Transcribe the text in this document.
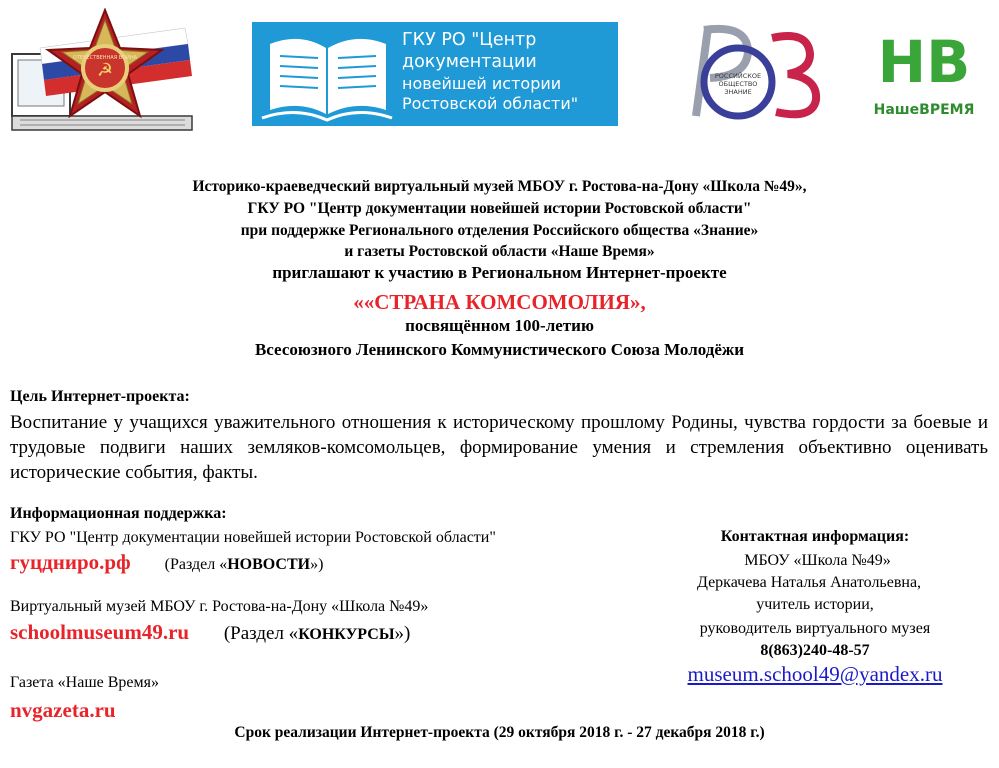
ОТЕЧЕСТВЕННАЯ ВОЙНА
☭
ГКУ РО "Центр
документации
новейшей истории
Ростовской области"
РОССИЙСКОЕ
ОБЩЕСТВО
ЗНАНИЕ НВ
НашеВРЕМЯ
Историко-краеведческий виртуальный музей МБОУ г. Ростова-на-Дону «Школа №49»,
ГКУ РО "Центр документации новейшей истории Ростовской области"
при поддержке Регионального отделения Российского общества «Знание»
и газеты Ростовской области «Наше Время»
приглашают к участию в Региональном Интернет-проекте
««СТРАНА КОМСОМОЛИЯ»,
посвящённом 100-летию
Всесоюзного Ленинского Коммунистического Союза Молодёжи
Цель Интернет-проекта:

Воспитание у учащихся уважительного отношения к историческому прошлому Родины, чувства гордости за боевые и трудовые подвиги наших земляков-комсомольцев, формирование умения и стремления объективно оценивать исторические события, факты.

Информационная поддержка:
ГКУ РО "Центр документации новейшей истории Ростовской области"
гуцдниро.рф (Раздел «НОВОСТИ»)
Виртуальный музей МБОУ г. Ростова-на-Дону «Школа №49»
schoolmuseum49.ru (Раздел «КОНКУРСЫ»)
Газета «Наше Время»
nvgazeta.ru
Контактная информация:
МБОУ «Школа №49»
Деркачева Наталья Анатольевна,
учитель истории,
руководитель виртуального музея
8(863)240-48-57
museum.school49@yandex.ru
Срок реализации Интернет-проекта (29 октября 2018 г. - 27 декабря 2018 г.)
